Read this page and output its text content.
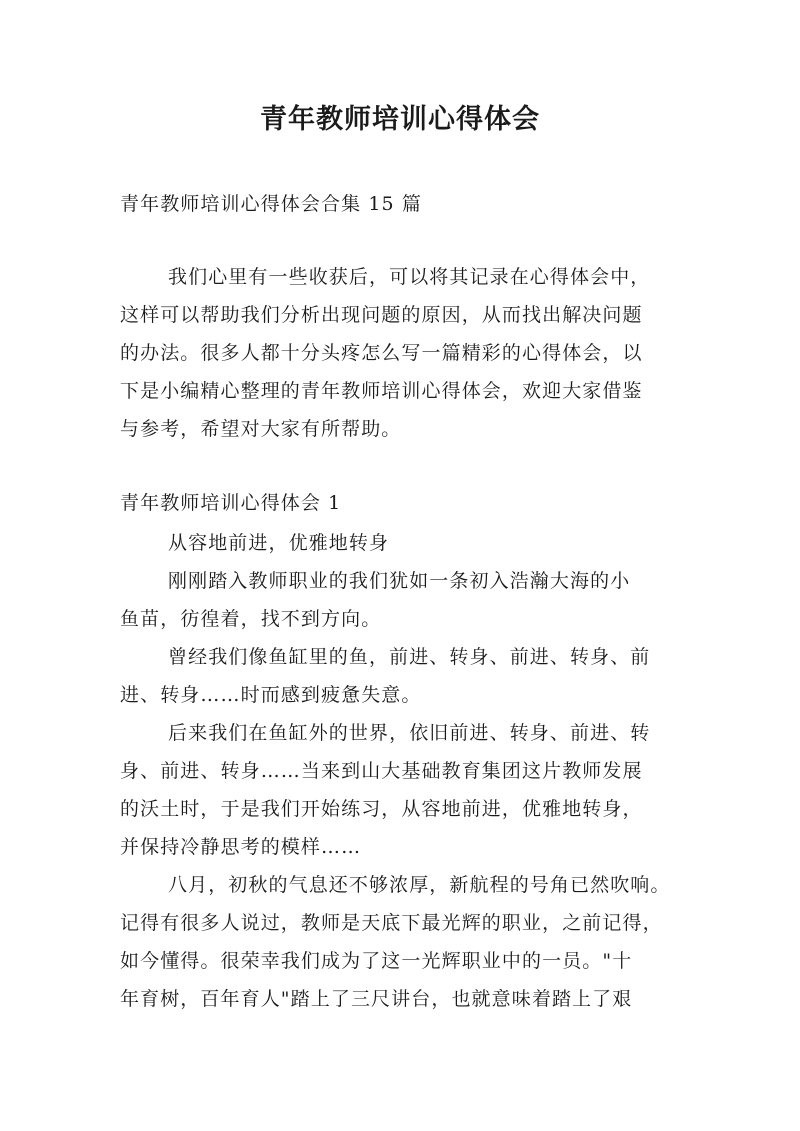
青年教师培训心得体会
青年教师培训心得体会合集 15 篇
我们心里有一些收获后，可以将其记录在心得体会中，
这样可以帮助我们分析出现问题的原因，从而找出解决问题
的办法。很多人都十分头疼怎么写一篇精彩的心得体会，以
下是小编精心整理的青年教师培训心得体会，欢迎大家借鉴
与参考，希望对大家有所帮助。
青年教师培训心得体会 1
从容地前进，优雅地转身
刚刚踏入教师职业的我们犹如一条初入浩瀚大海的小
鱼苗，彷徨着，找不到方向。
曾经我们像鱼缸里的鱼，前进、转身、前进、转身、前
进、转身……时而感到疲惫失意。
后来我们在鱼缸外的世界，依旧前进、转身、前进、转
身、前进、转身……当来到山大基础教育集团这片教师发展
的沃土时，于是我们开始练习，从容地前进，优雅地转身，
并保持冷静思考的模样……
八月，初秋的气息还不够浓厚，新航程的号角已然吹响。
记得有很多人说过，教师是天底下最光辉的职业，之前记得，
如今懂得。很荣幸我们成为了这一光辉职业中的一员。"十
年育树，百年育人"踏上了三尺讲台，也就意味着踏上了艰
